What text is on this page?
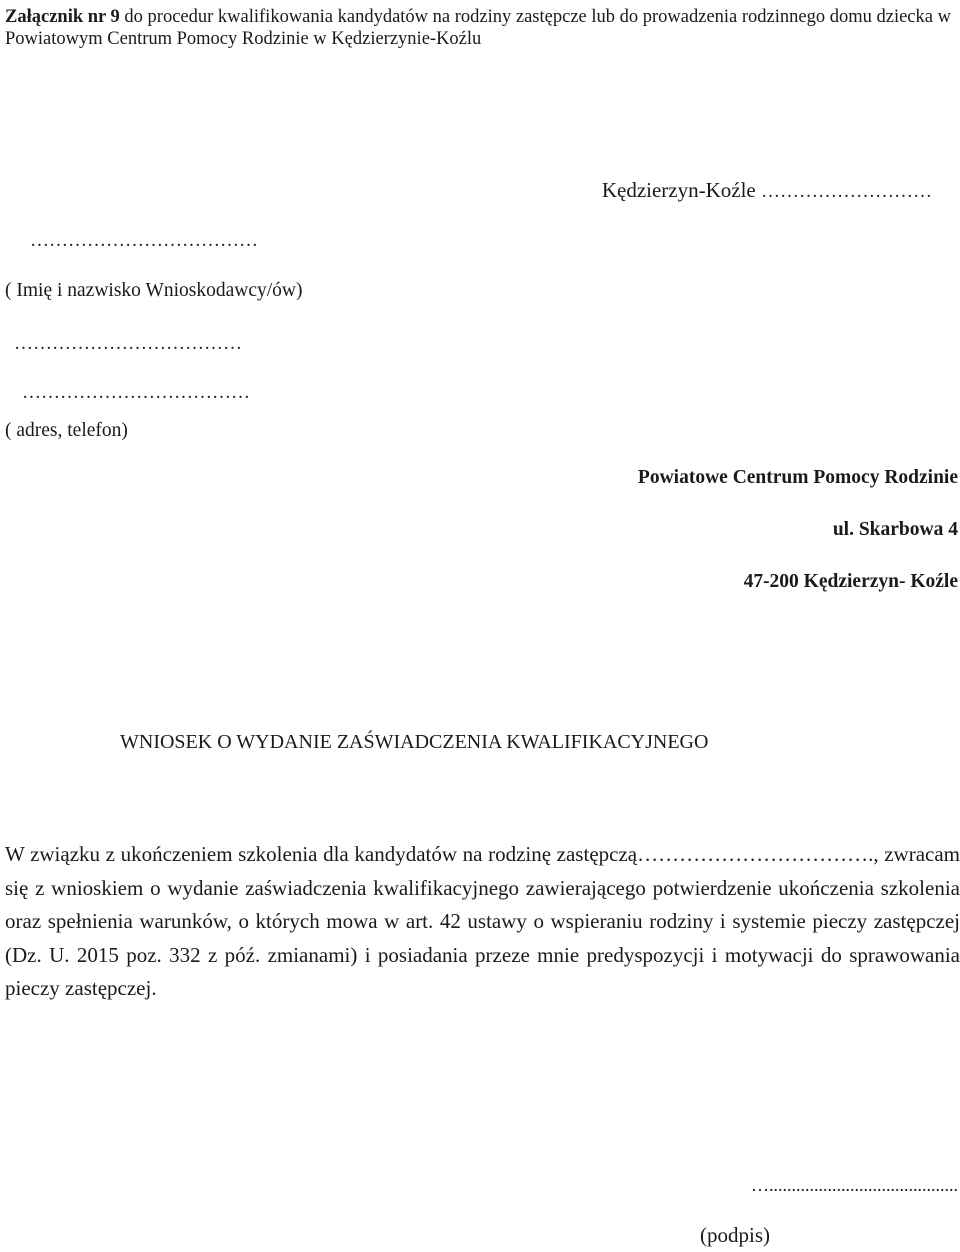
Załącznik nr 9 do procedur kwalifikowania kandydatów na rodziny zastępcze lub do prowadzenia rodzinnego domu dziecka w Powiatowym Centrum Pomocy Rodzinie w Kędzierzynie-Koźlu
Kędzierzyn-Koźle ………………………
………………………………
( Imię i nazwisko Wnioskodawcy/ów)
………………………………
………………………………
( adres, telefon)
Powiatowe Centrum Pomocy Rodzinie
ul. Skarbowa 4
47-200 Kędzierzyn- Koźle
WNIOSEK O WYDANIE ZAŚWIADCZENIA KWALIFIKACYJNEGO
W związku z ukończeniem szkolenia dla kandydatów na rodzinę zastępczą……………………………., zwracam się z wnioskiem o wydanie zaświadczenia kwalifikacyjnego zawierającego potwierdzenie ukończenia szkolenia oraz spełnienia warunków, o których mowa w art. 42 ustawy o wspieraniu rodziny i systemie pieczy zastępczej (Dz. U. 2015 poz. 332 z póź. zmianami) i posiadania przeze mnie predyspozycji i motywacji do sprawowania pieczy zastępczej.
…..........................................
(podpis)
